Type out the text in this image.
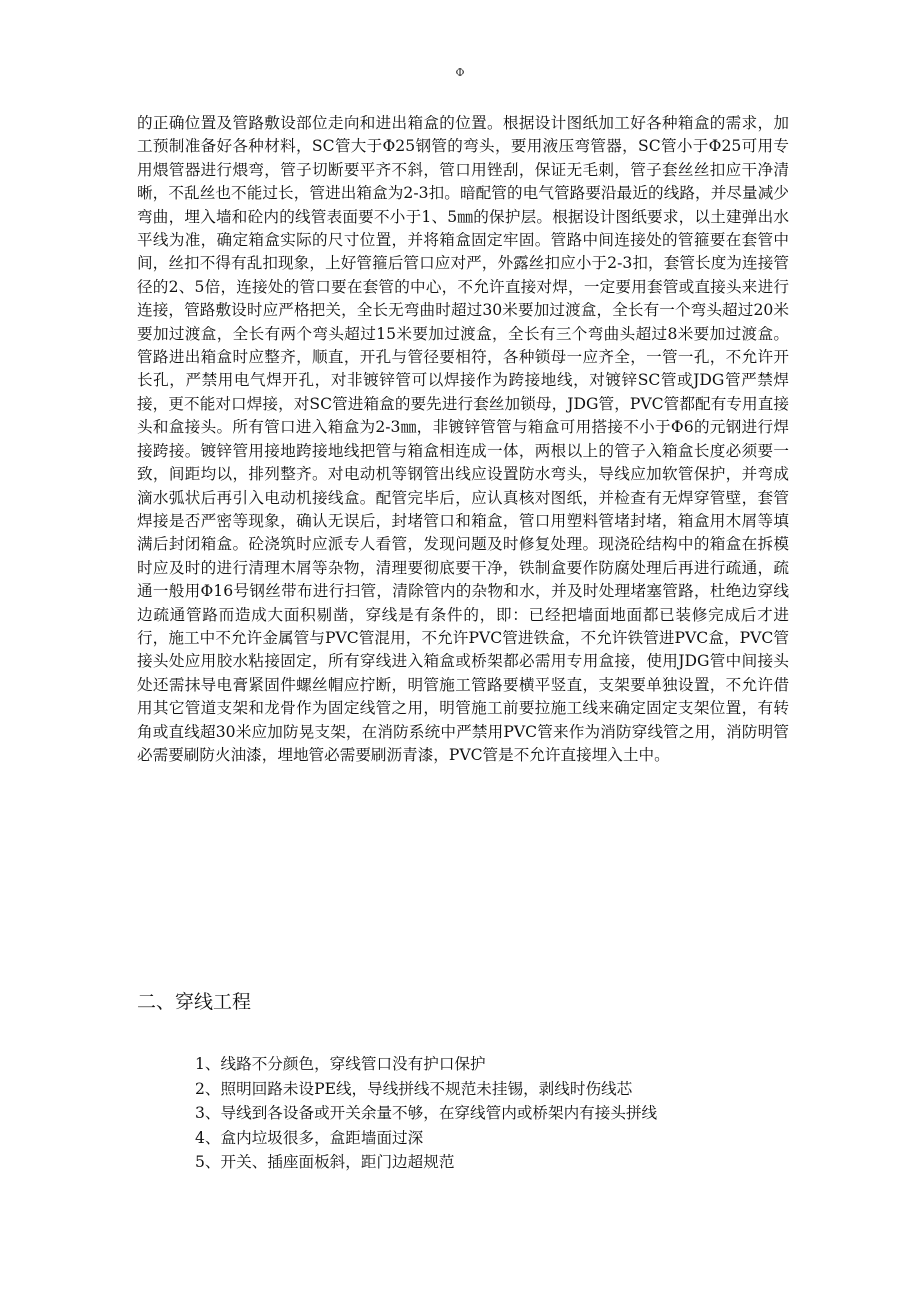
Φ

的正确位置及管路敷设部位走向和进出箱盒的位置。根据设计图纸加工好各种箱盒的需求，加工预制准备好各种材料，SC管大于Φ25钢管的弯头，要用液压弯管器，SC管小于Φ25可用专用煨管器进行煨弯，管子切断要平齐不斜，管口用锉刮，保证无毛刺，管子套丝丝扣应干净清晰，不乱丝也不能过长，管进出箱盒为2-3扣。暗配管的电气管路要沿最近的线路，并尽量减少弯曲，埋入墙和砼内的线管表面要不小于1、5㎜的保护层。根据设计图纸要求，以土建弹出水平线为准，确定箱盒实际的尺寸位置，并将箱盒固定牢固。管路中间连接处的管箍要在套管中间，丝扣不得有乱扣现象，上好管箍后管口应对严，外露丝扣应小于2-3扣，套管长度为连接管径的2、5倍，连接处的管口要在套管的中心，不允许直接对焊，一定要用套管或直接头来进行连接，管路敷设时应严格把关，全长无弯曲时超过30米要加过渡盒，全长有一个弯头超过20米要加过渡盒，全长有两个弯头超过15米要加过渡盒，全长有三个弯曲头超过8米要加过渡盒。管路进出箱盒时应整齐，顺直，开孔与管径要相符，各种锁母一应齐全，一管一孔，不允许开长孔，严禁用电气焊开孔，对非镀锌管可以焊接作为跨接地线，对镀锌SC管或JDG管严禁焊接，更不能对口焊接，对SC管进箱盒的要先进行套丝加锁母，JDG管，PVC管都配有专用直接头和盒接头。所有管口进入箱盒为2-3㎜，非镀锌管管与箱盒可用搭接不小于Φ6的元钢进行焊接跨接。镀锌管用接地跨接地线把管与箱盒相连成一体，两根以上的管子入箱盒长度必须要一致，间距均以，排列整齐。对电动机等钢管出线应设置防水弯头，导线应加软管保护，并弯成滴水弧状后再引入电动机接线盒。配管完毕后，应认真核对图纸，并检查有无焊穿管壁，套管焊接是否严密等现象，确认无误后，封堵管口和箱盒，管口用塑料管堵封堵，箱盒用木屑等填满后封闭箱盒。砼浇筑时应派专人看管，发现问题及时修复处理。现浇砼结构中的箱盒在拆模时应及时的进行清理木屑等杂物，清理要彻底要干净，铁制盒要作防腐处理后再进行疏通，疏通一般用Φ16号钢丝带布进行扫管，清除管内的杂物和水，并及时处理堵塞管路，杜绝边穿线边疏通管路而造成大面积剔凿，穿线是有条件的，即：已经把墙面地面都已装修完成后才进行，施工中不允许金属管与PVC管混用，不允许PVC管进铁盒，不允许铁管进PVC盒，PVC管接头处应用胶水粘接固定，所有穿线进入箱盒或桥架都必需用专用盒接，使用JDG管中间接头处还需抹导电膏紧固件螺丝帽应拧断，明管施工管路要横平竖直，支架要单独设置，不允许借用其它管道支架和龙骨作为固定线管之用，明管施工前要拉施工线来确定固定支架位置，有转角或直线超30米应加防晃支架，在消防系统中严禁用PVC管来作为消防穿线管之用，消防明管必需要刷防火油漆，埋地管必需要刷沥青漆，PVC管是不允许直接埋入土中。

二、穿线工程
1、线路不分颜色，穿线管口没有护口保护
2、照明回路未设PE线，导线拼线不规范未挂锡，剥线时伤线芯
3、导线到各设备或开关余量不够，在穿线管内或桥架内有接头拼线
4、盒内垃圾很多，盒距墙面过深
5、开关、插座面板斜，距门边超规范
